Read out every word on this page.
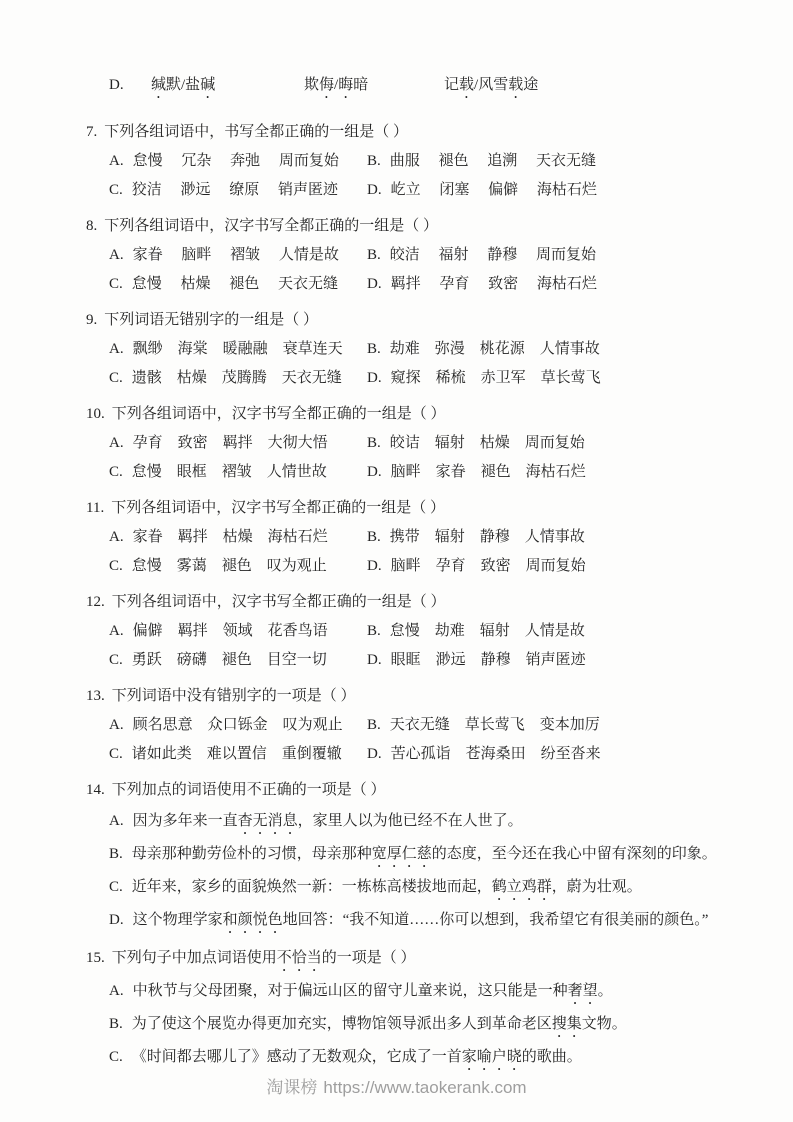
D.	缄默/盐碱	欺侮/晦暗	记载/风雪载途
7. 下列各组词语中，书写全都正确的一组是（ ）
A. 怠慢　 冗杂　 奔弛　 周而复始 B. 曲服　 褪色　 追溯　 天衣无缝
C. 狡洁　 渺远　 缭原　 销声匿迹 D. 屹立　 闭塞　 偏僻　 海枯石烂
8. 下列各组词语中，汉字书写全都正确的一组是（ ）
A. 家眷　 脑畔　 褶皱　 人情是故 B. 皎洁　 福射　 静穆　 周而复始
C. 怠慢　 枯燥　 褪色　 天衣无缝 D. 羁拌　 孕育　 致密　 海枯石烂
9. 下列词语无错别字的一组是（ ）
A. 飘缈　海棠　暖融融　衰草连天 B. 劫难　弥漫　桃花源　人情事故
C. 遗骸　枯燥　茂腾腾　天衣无缝 D. 窥探　稀梳　赤卫军　草长莺飞
10. 下列各组词语中，汉字书写全都正确的一组是（ ）
A. 孕育　致密　羁拌　大彻大悟	B. 皎诘　辐射　枯燥　周而复始
C. 怠慢　眼框　褶皱　人情世故	D. 脑畔　家眷　褪色　海枯石烂
11. 下列各组词语中，汉字书写全都正确的一组是（ ）
A. 家眷　羁拌　枯燥　海枯石烂	B. 携带　辐射　静穆　人情事故
C. 怠慢　雾蔼　褪色　叹为观止	D. 脑畔　孕育　致密　周而复始
12. 下列各组词语中，汉字书写全都正确的一组是（ ）
A. 偏僻　羁拌　领域　花香鸟语	B. 怠慢　劫难　辐射　人情是故
C. 勇跃　磅礴　褪色　目空一切	D. 眼眶　渺远　静穆　销声匿迹
13. 下列词语中没有错别字的一项是（ ）
A. 顾名思意　众口铄金　叹为观止 B. 天衣无缝　草长莺飞　变本加厉
C. 诸如此类　难以置信　重倒覆辙 D. 苦心孤诣　苍海桑田　纷至沓来
14. 下列加点的词语使用不正确的一项是（ ）
A. 因为多年来一直杳无消息，家里人以为他已经不在人世了。
B. 母亲那种勤劳俭朴的习惯，母亲那种宽厚仁慈的态度，至今还在我心中留有深刻的印象。
C. 近年来，家乡的面貌焕然一新：一栋栋高楼拔地而起，鹤立鸡群，蔚为壮观。
D. 这个物理学家和颜悦色地回答：“我不知道……你可以想到，我希望它有很美丽的颜色。”
15. 下列句子中加点词语使用不恰当的一项是（ ）
A. 中秋节与父母团聚，对于偏远山区的留守儿童来说，这只能是一种奢望。
B. 为了使这个展览办得更加充实，博物馆领导派出多人到革命老区搜集文物。
C. 《时间都去哪儿了》感动了无数观众，它成了一首家喻户晓的歌曲。
淘课榜 https://www.taokerank.com
